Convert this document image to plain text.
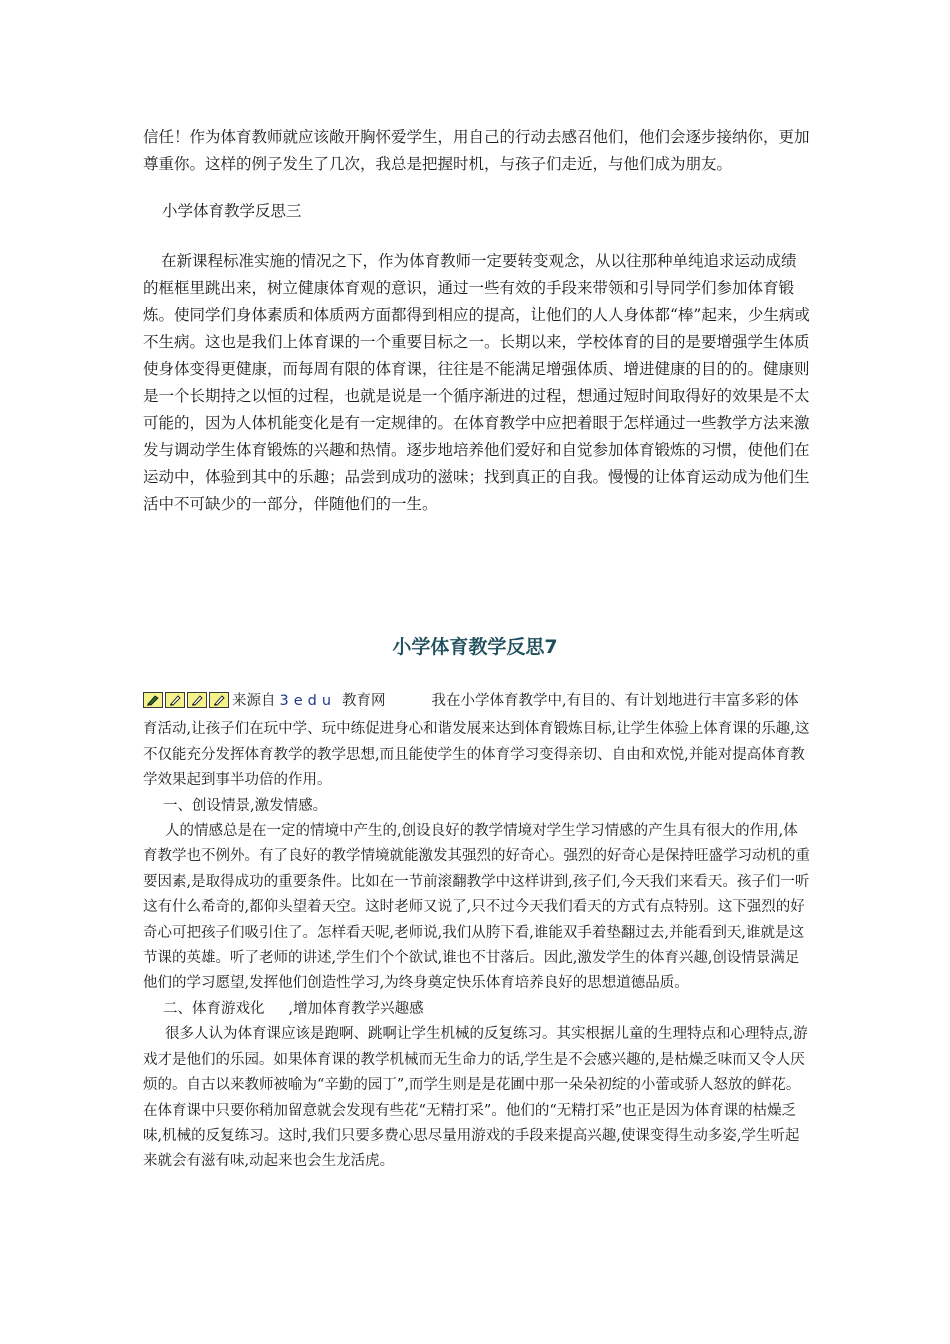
信任！作为体育教师就应该敞开胸怀爱学生，用自己的行动去感召他们，他们会逐步接纳你，更加尊重你。这样的例子发生了几次，我总是把握时机，与孩子们走近，与他们成为朋友。
小学体育教学反思三
在新课程标准实施的情况之下，作为体育教师一定要转变观念，从以往那种单纯追求运动成绩的框框里跳出来，树立健康体育观的意识，通过一些有效的手段来带领和引导同学们参加体育锻炼。使同学们身体素质和体质两方面都得到相应的提高，让他们的人人身体都“棒”起来，少生病或不生病。这也是我们上体育课的一个重要目标之一。长期以来，学校体育的目的是要增强学生体质使身体变得更健康，而每周有限的体育课，往往是不能满足增强体质、增进健康的目的的。健康则是一个长期持之以恒的过程，也就是说是一个循序渐进的过程，想通过短时间取得好的效果是不太可能的，因为人体机能变化是有一定规律的。在体育教学中应把着眼于怎样通过一些教学方法来激发与调动学生体育锻炼的兴趣和热情。逐步地培养他们爱好和自觉参加体育锻炼的习惯，使他们在运动中，体验到其中的乐趣；品尝到成功的滋味；找到真正的自我。慢慢的让体育运动成为他们生活中不可缺少的一部分，伴随他们的一生。
小学体育教学反思7

来源自 3edu 教育网	我在小学体育教学中,有目的、有计划地进行丰富多彩的体育活动,让孩子们在玩中学、玩中练促进身心和谐发展来达到体育锻炼目标,让学生体验上体育课的乐趣,这不仅能充分发挥体育教学的教学思想,而且能使学生的体育学习变得亲切、自由和欢悦,并能对提高体育教学效果起到事半功倍的作用。

一、创设情景,激发情感。

人的情感总是在一定的情境中产生的,创设良好的教学情境对学生学习情感的产生具有很大的作用,体育教学也不例外。有了良好的教学情境就能激发其强烈的好奇心。强烈的好奇心是保持旺盛学习动机的重要因素,是取得成功的重要条件。比如在一节前滚翻教学中这样讲到,孩子们,今天我们来看天。孩子们一听这有什么希奇的,都仰头望着天空。这时老师又说了,只不过今天我们看天的方式有点特别。这下强烈的好奇心可把孩子们吸引住了。怎样看天呢,老师说,我们从胯下看,谁能双手着垫翻过去,并能看到天,谁就是这节课的英雄。听了老师的讲述,学生们个个欲试,谁也不甘落后。因此,激发学生的体育兴趣,创设情景满足他们的学习愿望,发挥他们创造性学习,为终身奠定快乐体育培养良好的思想道德品质。

二、体育游戏化 ,增加体育教学兴趣感

很多人认为体育课应该是跑啊、跳啊让学生机械的反复练习。其实根据儿童的生理特点和心理特点,游戏才是他们的乐园。如果体育课的教学机械而无生命力的话,学生是不会感兴趣的,是枯燥乏味而又令人厌烦的。自古以来教师被喻为“辛勤的园丁”,而学生则是是花圃中那一朵朵初绽的小蕾或骄人怒放的鲜花。在体育课中只要你稍加留意就会发现有些花“无精打采”。他们的“无精打采”也正是因为体育课的枯燥乏味,机械的反复练习。这时,我们只要多费心思尽量用游戏的手段来提高兴趣,使课变得生动多姿,学生听起来就会有滋有味,动起来也会生龙活虎。
